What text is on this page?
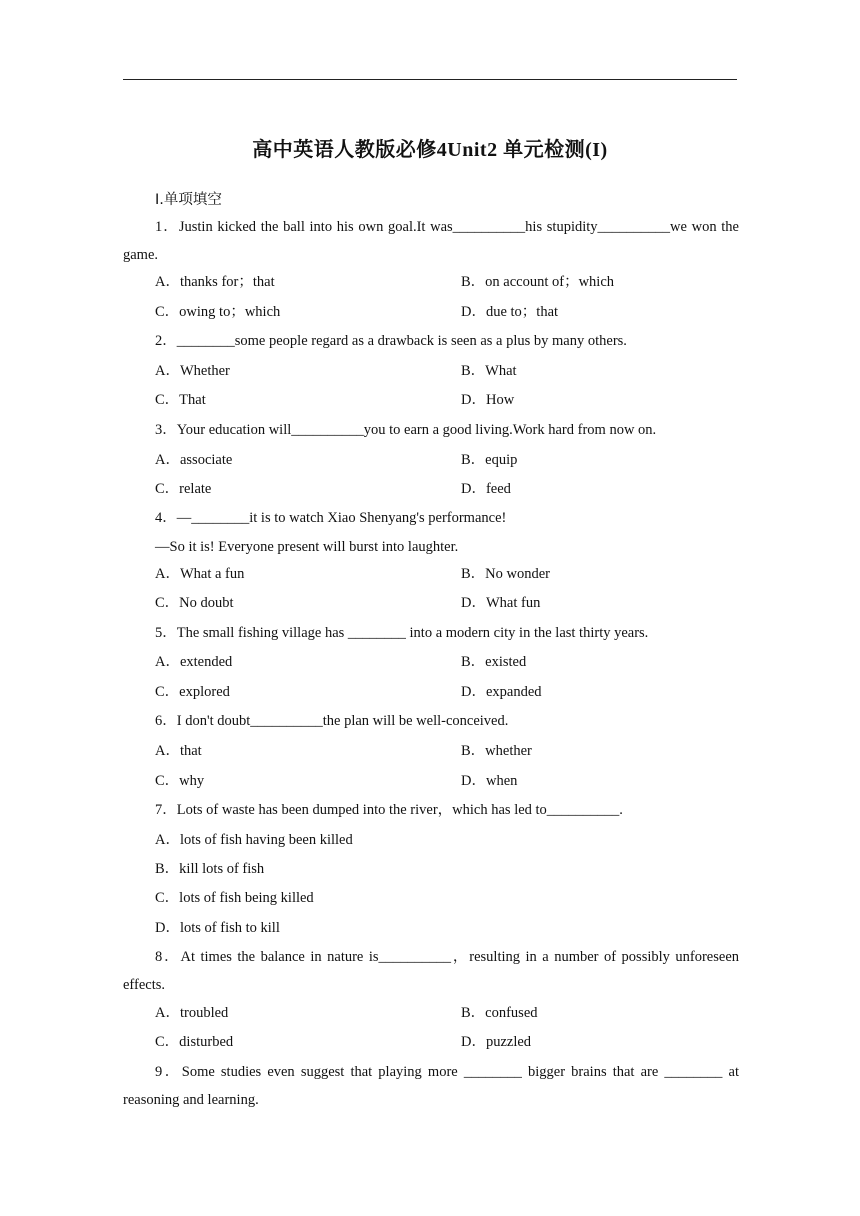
高中英语人教版必修4Unit2 单元检测(I)
Ⅰ.单项填空
1．Justin kicked the ball into his own goal.It was__________his stupidity__________we won the game.
A．thanks for；that	B．on account of；which
C．owing to；which	D．due to；that
2．________some people regard as a drawback is seen as a plus by many others.
A．Whether	B．What
C．That	D．How
3．Your education will__________you to earn a good living.Work hard from now on.
A．associate	B．equip
C．relate	D．feed
4．—________it is to watch Xiao Shenyang's performance!
—So it is! Everyone present will burst into laughter.
A．What a fun	B．No wonder
C．No doubt	D．What fun
5．The small fishing village has ________ into a modern city in the last thirty years.
A．extended	B．existed
C．explored	D．expanded
6．I don't doubt__________the plan will be well-conceived.
A．that	B．whether
C．why	D．when
7．Lots of waste has been dumped into the river，which has led to__________.
A．lots of fish having been killed
B．kill lots of fish
C．lots of fish being killed
D．lots of fish to kill
8．At times the balance in nature is__________，resulting in a number of possibly unforeseen effects.
A．troubled	B．confused
C．disturbed	D．puzzled
9．Some studies even suggest that playing more ________ bigger brains that are ________ at reasoning and learning.
